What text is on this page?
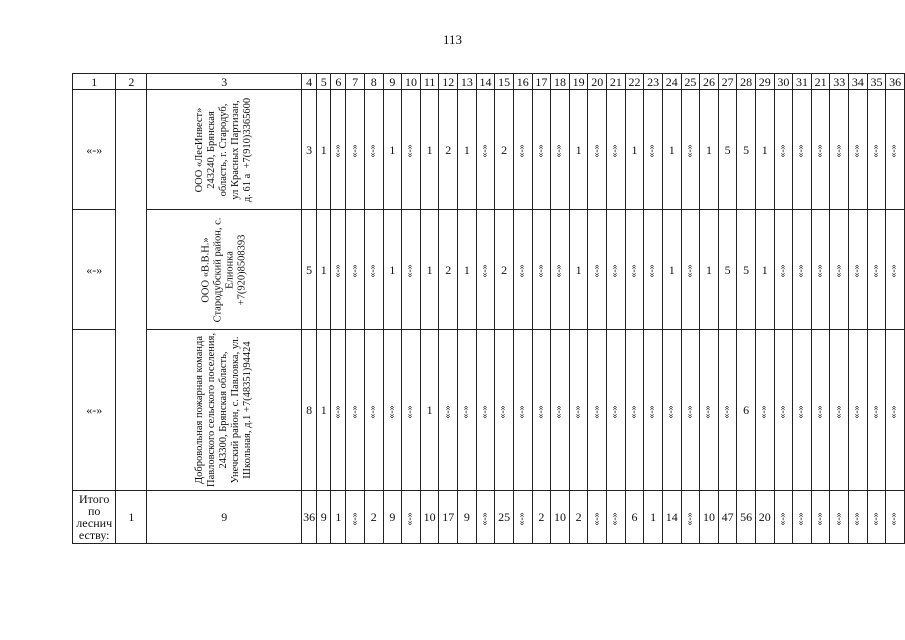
113
1	2	3	4	5	6	7	8	9	10	11	12	13	14	15	16	17	18	19	20	21	22	23	24	25	26	27	28	29	30	31	21	33	34	35	36
«-»		ООО «ЛесИнвест»
243240, Брянская
область, г. Стародуб,
ул Красных Партизан,
д. 61 а  +7(910)3365600	3	1	«-»	«-»	«-»	1	«-»	1	2	1	«-»	2	«-»	«-»	«-»	1	«-»	«-»	1	«-»	1	«-»	1	5	5	1	«-»	«-»	«-»	«-»	«-»	«-»	«-»
«-»		ООО «В.В.Н.»
Стародубский район, с.
Елионка
+7(920)8508393	5	1	«-»	«-»	«-»	1	«-»	1	2	1	«-»	2	«-»	«-»	«-»	1	«-»	«-»	«-»	«-»	1	«-»	1	5	5	1	«-»	«-»	«-»	«-»	«-»	«-»	«-»
«-»		Добровольная пожарная команда
Павловского сельского поселения,
243300, Брянская область,
Унечский район, с. Павловка, ул.
Школьная, д.1 +7(48351)94424	8	1	«-»	«-»	«-»	«-»	«-»	1	«-»	«-»	«-»	«-»	«-»	«-»	«-»	«-»	«-»	«-»	«-»	«-»	«-»	«-»	«-»	«-»	6	«-»	«-»	«-»	«-»	«-»	«-»	«-»	«-»
Итого
по
леснич
еству:	1	9	36	9	1	«-»	2	9	«-»	10	17	9	«-»	25	«-»	2	10	2	«-»	«-»	6	1	14	«-»	10	47	56	20	«-»	«-»	«-»	«-»	«-»	«-»	«-»
